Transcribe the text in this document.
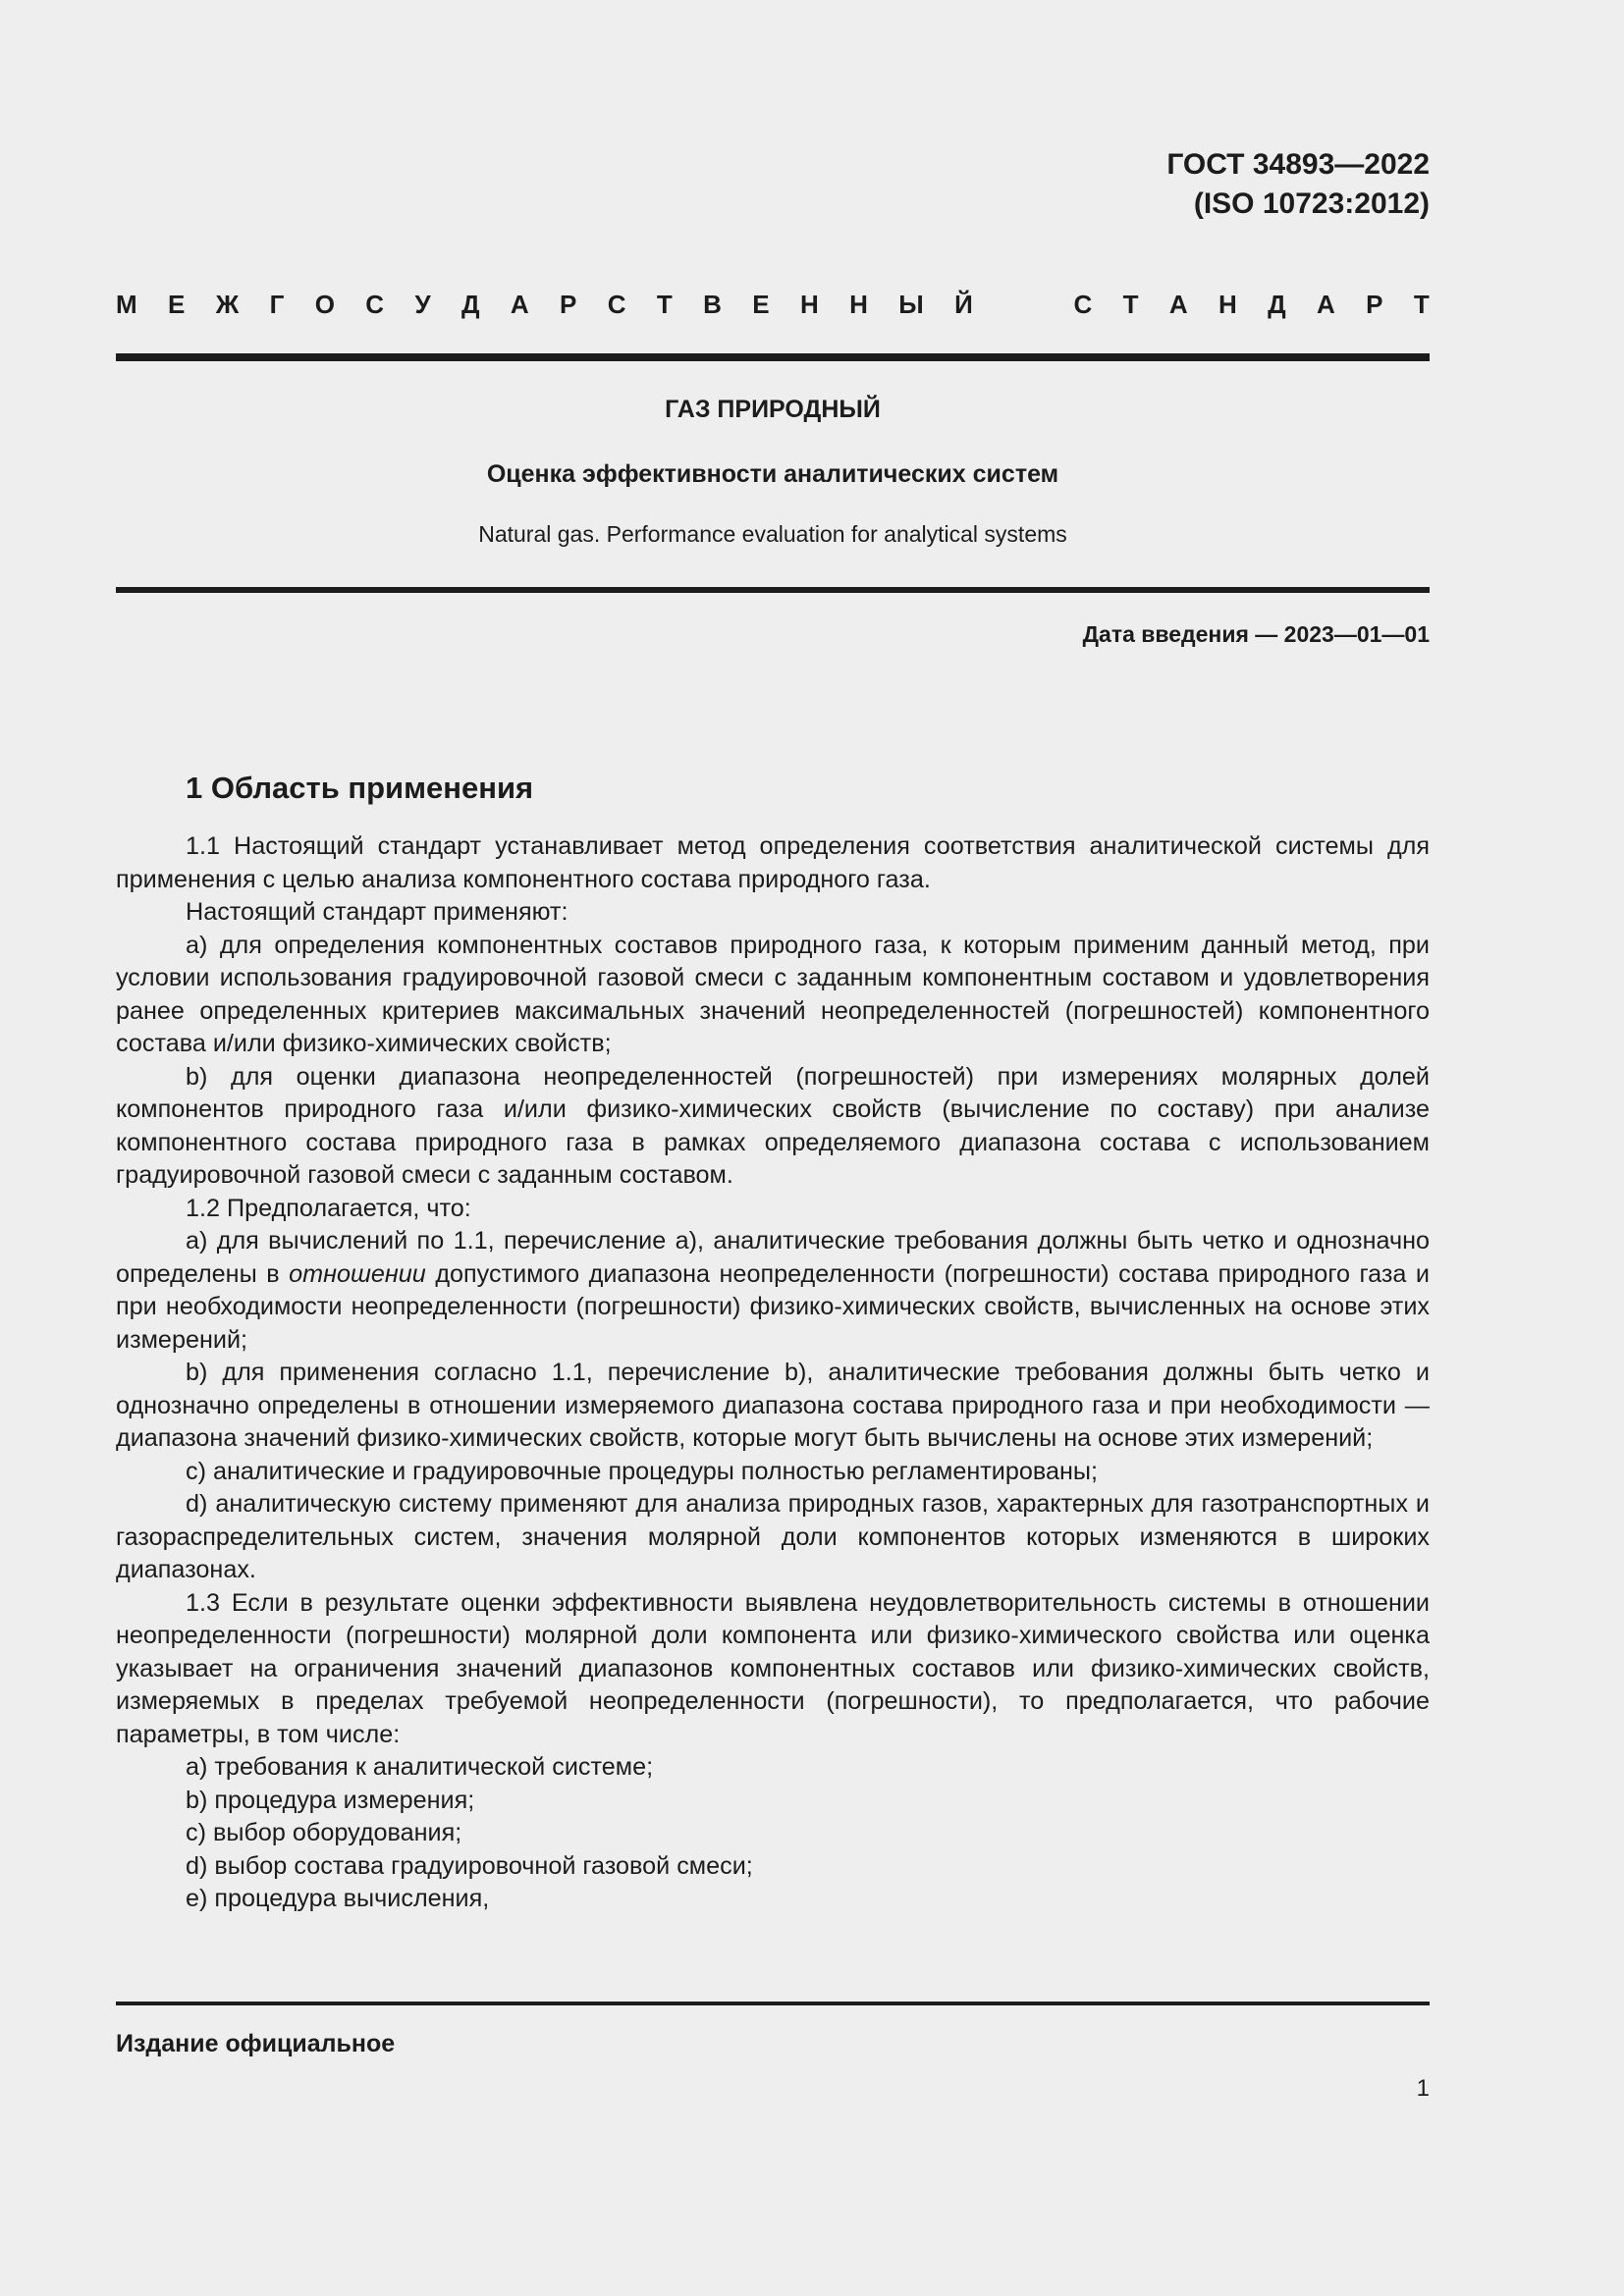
ГОСТ 34893—2022
(ISO 10723:2012)
М Е Ж Г О С У Д А Р С Т В Е Н Н Ы Й	С Т А Н Д А Р Т
ГАЗ ПРИРОДНЫЙ
Оценка эффективности аналитических систем
Natural gas. Performance evaluation for analytical systems
Дата введения — 2023—01—01
1 Область применения

1.1 Настоящий стандарт устанавливает метод определения соответствия аналитической системы для применения с целью анализа компонентного состава природного газа.

Настоящий стандарт применяют:

a) для определения компонентных составов природного газа, к которым применим данный метод, при условии использования градуировочной газовой смеси с заданным компонентным составом и удовлетворения ранее определенных критериев максимальных значений неопределенностей (погрешностей) компонентного состава и/или физико-химических свойств;

b) для оценки диапазона неопределенностей (погрешностей) при измерениях молярных долей компонентов природного газа и/или физико-химических свойств (вычисление по составу) при анализе компонентного состава природного газа в рамках определяемого диапазона состава с использованием градуировочной газовой смеси с заданным составом.

1.2 Предполагается, что:

a) для вычислений по 1.1, перечисление a), аналитические требования должны быть четко и однозначно определены в отношении допустимого диапазона неопределенности (погрешности) состава природного газа и при необходимости неопределенности (погрешности) физико-химических свойств, вычисленных на основе этих измерений;

b) для применения согласно 1.1, перечисление b), аналитические требования должны быть четко и однозначно определены в отношении измеряемого диапазона состава природного газа и при необходимости — диапазона значений физико-химических свойств, которые могут быть вычислены на основе этих измерений;

c) аналитические и градуировочные процедуры полностью регламентированы;

d) аналитическую систему применяют для анализа природных газов, характерных для газотранспортных и газораспределительных систем, значения молярной доли компонентов которых изменяются в широких диапазонах.

1.3 Если в результате оценки эффективности выявлена неудовлетворительность системы в отношении неопределенности (погрешности) молярной доли компонента или физико-химического свойства или оценка указывает на ограничения значений диапазонов компонентных составов или физико-химических свойств, измеряемых в пределах требуемой неопределенности (погрешности), то предполагается, что рабочие параметры, в том числе:

a) требования к аналитической системе;

b) процедура измерения;

c) выбор оборудования;

d) выбор состава градуировочной газовой смеси;

e) процедура вычисления,

Издание официальное
1
